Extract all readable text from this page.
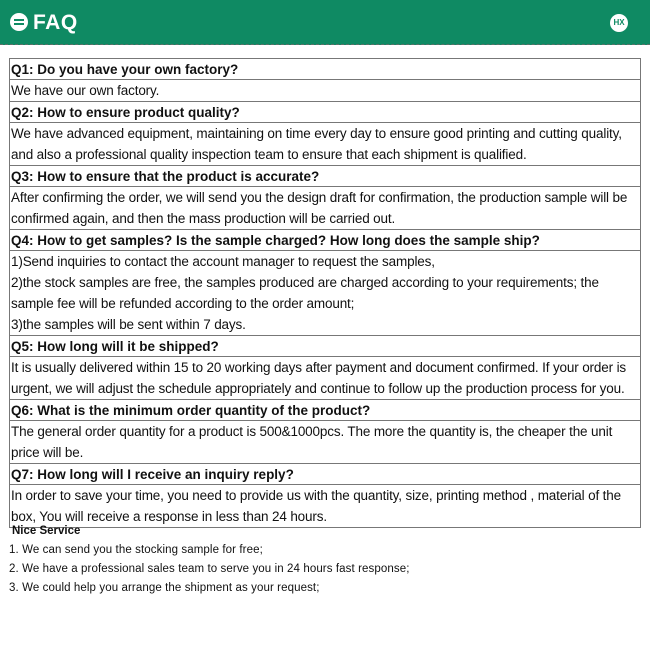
FAQ	HX
Q1: Do you have your own factory?
We have our own factory.
Q2: How to ensure product quality?
We have advanced equipment, maintaining on time every day to ensure good printing and cutting quality,
and also a professional quality inspection team to ensure that each shipment is qualified.
Q3: How to ensure that the product is accurate?
After confirming the order, we will send you the design draft for confirmation, the production sample will be
confirmed again, and then the mass production will be carried out.
Q4: How to get samples? Is the sample charged? How long does the sample ship?
1)Send inquiries to contact the account manager to request the samples,
2)the stock samples are free, the samples produced are charged according to your requirements; the
sample fee will be refunded according to the order amount;
3)the samples will be sent within 7 days.
Q5: How long will it be shipped?
It is usually delivered within 15 to 20 working days after payment and document confirmed. If your order is
urgent, we will adjust the schedule appropriately and continue to follow up the production process for you.
Q6: What is the minimum order quantity of the product?
The general order quantity for a product is 500&1000pcs. The more the quantity is, the cheaper the unit
price will be.
Q7: How long will I receive an inquiry reply?
In order to save your time, you need to provide us with the quantity, size, printing method , material of the
box, You will receive a response in less than 24 hours.
Nice Service
1. We can send you the stocking sample for free;
2. We have a professional sales team to serve you in 24 hours fast response;
3. We could help you arrange the shipment as your request;
